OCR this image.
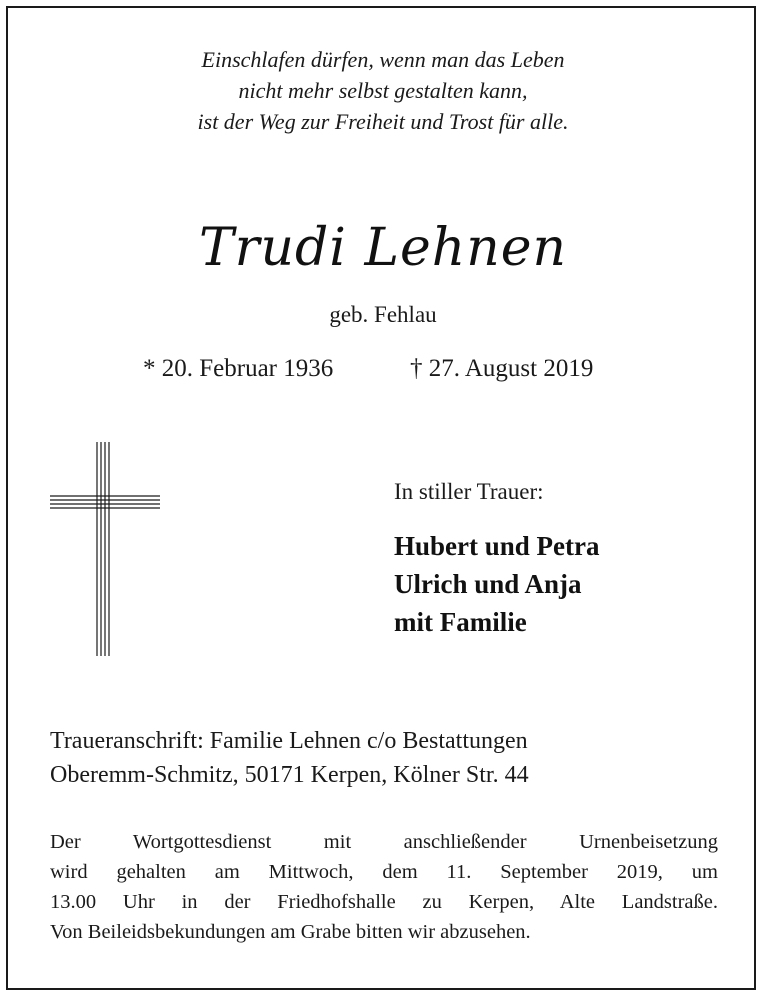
Einschlafen dürfen, wenn man das Leben
nicht mehr selbst gestalten kann,
ist der Weg zur Freiheit und Trost für alle.
Trudi Lehnen
geb. Fehlau
* 20. Februar 1936	† 27. August 2019
In stiller Trauer:
Hubert und Petra
Ulrich und Anja
mit Familie
Traueranschrift: Familie Lehnen c/o Bestattungen
Oberemm-Schmitz, 50171 Kerpen, Kölner Str. 44
Der Wortgottesdienst mit anschließender Urnenbeisetzung
wird gehalten am Mittwoch, dem 11. September 2019, um
13.00 Uhr in der Friedhofshalle zu Kerpen, Alte Landstraße.
Von Beileidsbekundungen am Grabe bitten wir abzusehen.
